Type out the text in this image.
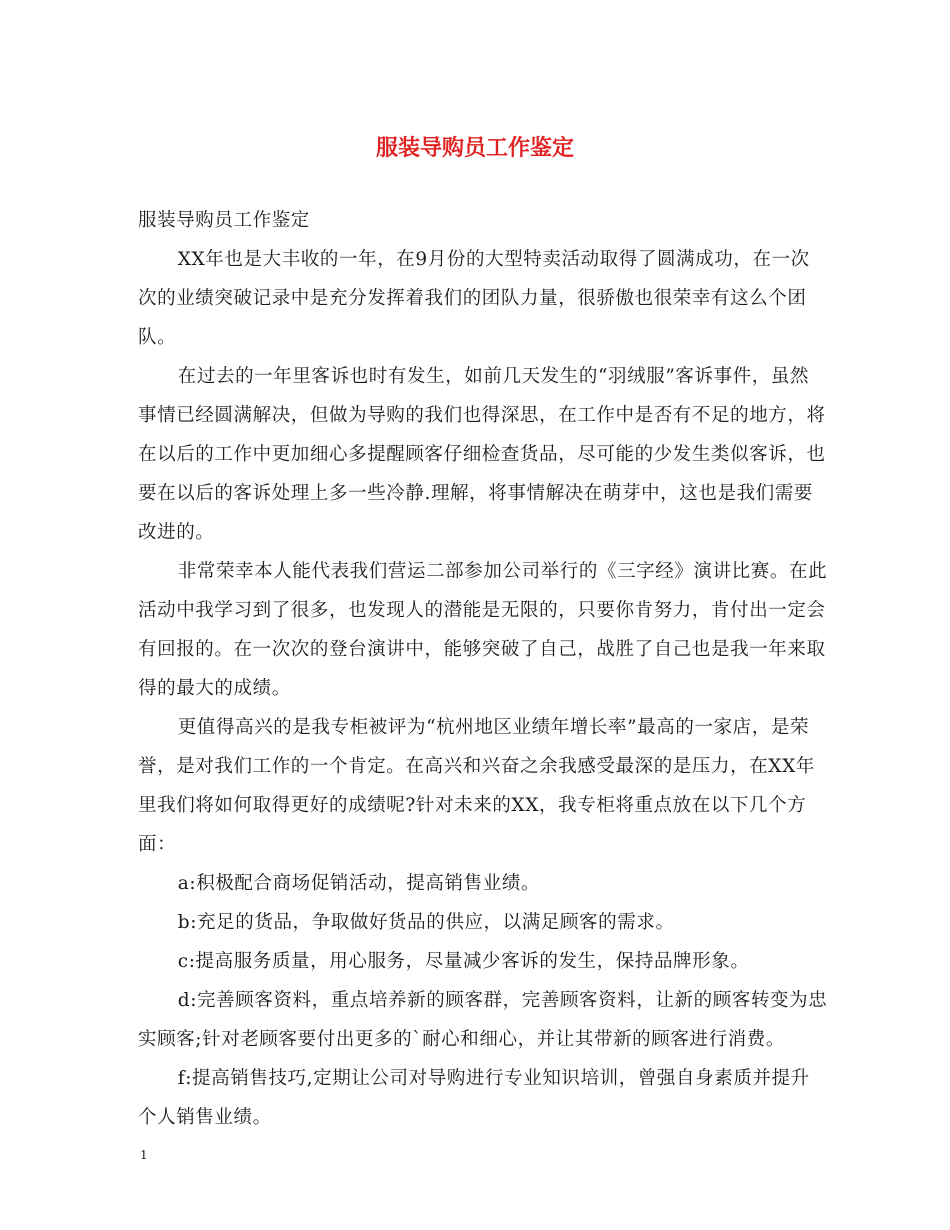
服装导购员工作鉴定

服装导购员工作鉴定

XX年也是大丰收的一年，在9月份的大型特卖活动取得了圆满成功，在一次次的业绩突破记录中是充分发挥着我们的团队力量，很骄傲也很荣幸有这么个团队。

在过去的一年里客诉也时有发生，如前几天发生的“羽绒服”客诉事件，虽然事情已经圆满解决，但做为导购的我们也得深思，在工作中是否有不足的地方，将在以后的工作中更加细心多提醒顾客仔细检查货品，尽可能的少发生类似客诉，也要在以后的客诉处理上多一些冷静.理解，将事情解决在萌芽中，这也是我们需要改进的。

非常荣幸本人能代表我们营运二部参加公司举行的《三字经》演讲比赛。在此活动中我学习到了很多，也发现人的潜能是无限的，只要你肯努力，肯付出一定会有回报的。在一次次的登台演讲中，能够突破了自己，战胜了自己也是我一年来取得的最大的成绩。

更值得高兴的是我专柜被评为“杭州地区业绩年增长率”最高的一家店，是荣誉，是对我们工作的一个肯定。在高兴和兴奋之余我感受最深的是压力，在XX年里我们将如何取得更好的成绩呢?针对未来的XX，我专柜将重点放在以下几个方面：

a:积极配合商场促销活动，提高销售业绩。

b:充足的货品，争取做好货品的供应，以满足顾客的需求。

c:提高服务质量，用心服务，尽量减少客诉的发生，保持品牌形象。

d:完善顾客资料，重点培养新的顾客群，完善顾客资料，让新的顾客转变为忠实顾客;针对老顾客要付出更多的`耐心和细心，并让其带新的顾客进行消费。

f:提高销售技巧,定期让公司对导购进行专业知识培训，曾强自身素质并提升个人销售业绩。

1
